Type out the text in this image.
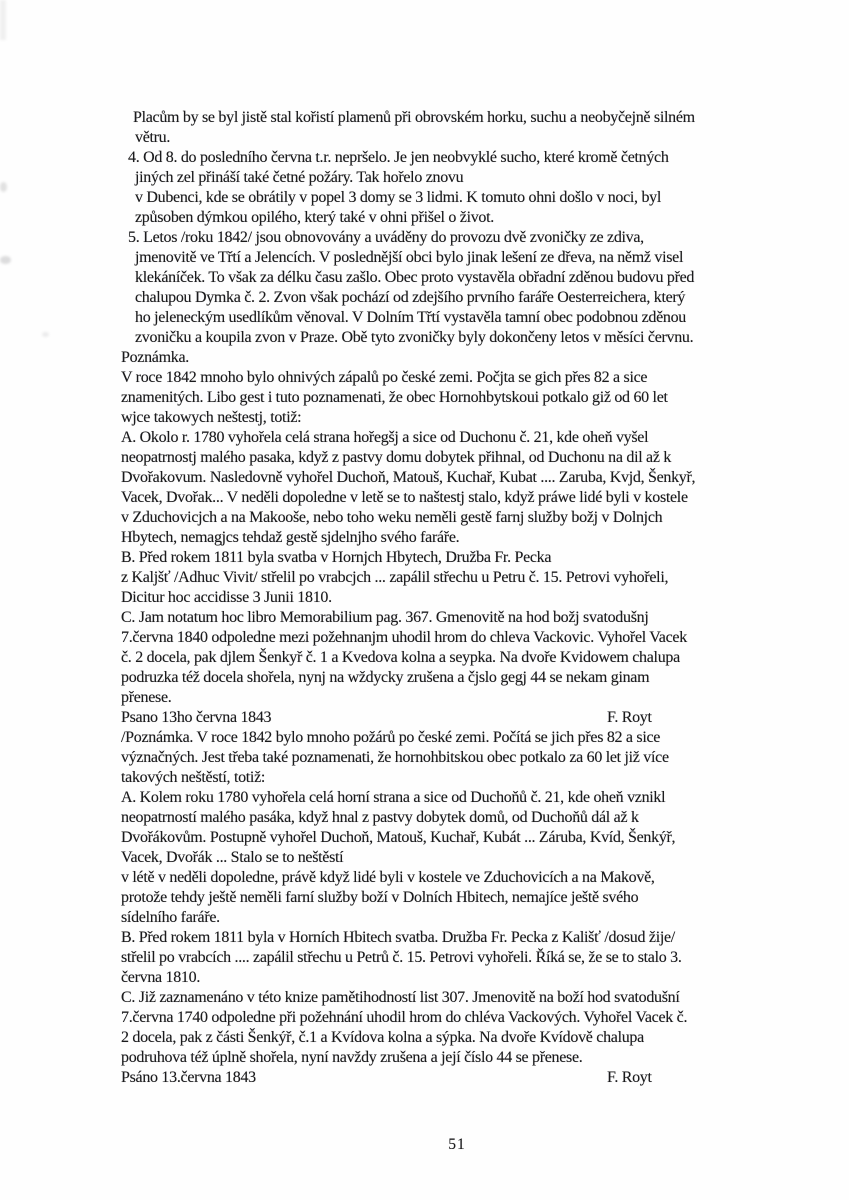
Placům by se byl jistě stal kořistí plamenů při obrovském horku, suchu a neobyčejně silném
větru.
4. Od 8. do posledního června t.r. nepršelo. Je jen neobvyklé sucho, které kromě četných
jiných zel přináší také četné požáry. Tak hořelo znovu
v Dubenci, kde se obrátily v popel 3 domy se 3 lidmi. K tomuto ohni došlo v noci, byl
způsoben dýmkou opilého, který také v ohni přišel o život.
5. Letos /roku 1842/ jsou obnovovány a uváděny do provozu dvě zvoničky ze zdiva,
jmenovitě ve Třtí a Jelencích. V poslednější obci bylo jinak lešení ze dřeva, na němž visel
klekáníček. To však za délku času zašlo. Obec proto vystavěla obřadní zděnou budovu před
chalupou Dymka č. 2. Zvon však pochází od zdejšího prvního faráře Oesterreichera, který
ho jeleneckým usedlíkům věnoval. V Dolním Třtí vystavěla tamní obec podobnou zděnou
zvoničku a koupila zvon v Praze. Obě tyto zvoničky byly dokončeny letos v měsíci červnu.
Poznámka.
V roce 1842 mnoho bylo ohnivých zápalů po české zemi. Počjta se gich přes 82 a sice
znamenitých. Libo gest i tuto poznamenati, že obec Hornohbytskoui potkalo giž od 60 let
wjce takowych neštestj, totiž:
A. Okolo r. 1780 vyhořela celá strana hořegšj a sice od Duchonu č. 21, kde oheň vyšel
neopatrnostj malého pasaka, když z pastvy domu dobytek přihnal, od Duchonu na dil až k
Dvořakovum. Nasledovně vyhořel Duchoň, Matouš, Kuchař, Kubat .... Zaruba, Kvjd, Šenkyř,
Vacek, Dvořak... V neděli dopoledne v letě se to naštestj stalo, když práwe lidé byli v kostele
v Zduchovicjch a na Makooše, nebo toho weku neměli gestě farnj služby božj v Dolnjch
Hbytech, nemagjcs tehdaž gestě sjdelnjho svého faráře.
B. Před rokem 1811 byla svatba v Hornjch Hbytech, Družba Fr. Pecka
z Kaljšť /Adhuc Vivit/ střelil po vrabcjch ... zapálil střechu u Petru č. 15. Petrovi vyhořeli,
Dicitur hoc accidisse 3 Junii 1810.
C. Jam notatum hoc libro Memorabilium pag. 367. Gmenovitě na hod božj svatodušnj
7.června 1840 odpoledne mezi požehnanjm uhodil hrom do chleva Vackovic. Vyhořel Vacek
č. 2 docela, pak djlem Šenkyř č. 1 a Kvedova kolna a seypka. Na dvoře Kvidowem chalupa
podruzka též docela shořela, nynj na wždycky zrušena a čjslo gegj 44 se nekam ginam
přenese.
Psano 13ho června 1843	F. Royt
/Poznámka. V roce 1842 bylo mnoho požárů po české zemi. Počítá se jich přes 82 a sice
význačných. Jest třeba také poznamenati, že hornohbitskou obec potkalo za 60 let již více
takových neštěstí, totiž:
A. Kolem roku 1780 vyhořela celá horní strana a sice od Duchoňů č. 21, kde oheň vznikl
neopatrností malého pasáka, když hnal z pastvy dobytek domů, od Duchoňů dál až k
Dvořákovům. Postupně vyhořel Duchoň, Matouš, Kuchař, Kubát ... Záruba, Kvíd, Šenkýř,
Vacek, Dvořák ... Stalo se to neštěstí
v létě v neděli dopoledne, právě když lidé byli v kostele ve Zduchovicích a na Makově,
protože tehdy ještě neměli farní služby boží v Dolních Hbitech, nemajíce ještě svého
sídelního faráře.
B. Před rokem 1811 byla v Horních Hbitech svatba. Družba Fr. Pecka z Kališť /dosud žije/
střelil po vrabcích .... zapálil střechu u Petrů č. 15. Petrovi vyhořeli. Říká se, že se to stalo 3.
června 1810.
C. Již zaznamenáno v této knize pamětihodností list 307. Jmenovitě na boží hod svatodušní
7.června 1740 odpoledne při požehnání uhodil hrom do chléva Vackových. Vyhořel Vacek č.
2 docela, pak z části Šenkýř, č.1 a Kvídova kolna a sýpka. Na dvoře Kvídově chalupa
podruhova též úplně shořela, nyní navždy zrušena a její číslo 44 se přenese.
Psáno 13.června 1843	F. Royt
51
